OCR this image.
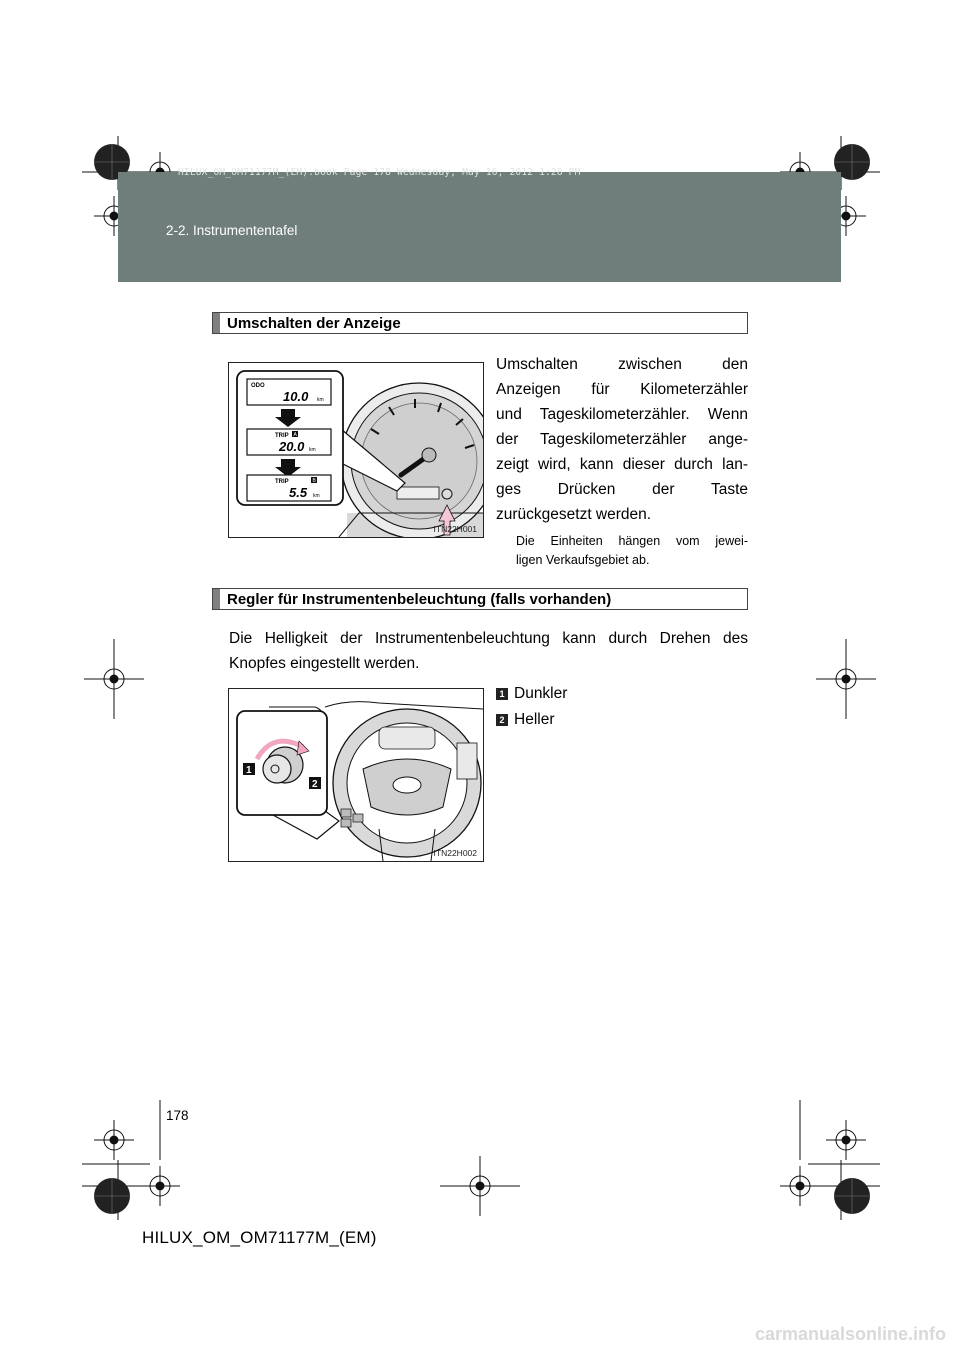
HILUX_OM_OM71177M_(EM).book Page 178 Wednesday, May 16, 2012 1:28 PM
2-2. Instrumententafel
Umschalten der Anzeige
ODO
10.0 km
TRIP A
20.0 km
TRIP	B
5.5 km
ITN22H001
Umschalten zwischen den
Anzeigen für Kilometerzähler
und Tageskilometerzähler. Wenn
der Tageskilometerzähler ange-
zeigt wird, kann dieser durch lan-
ges Drücken der Taste
zurückgesetzt werden.
Die Einheiten hängen vom jewei-
ligen Verkaufsgebiet ab.
Regler für Instrumentenbeleuchtung (falls vorhanden)
Die Helligkeit der Instrumentenbeleuchtung kann durch Drehen des
Knopfes eingestellt werden.
1
2
ITN22H002
1 Dunkler
2 Heller
178
HILUX_OM_OM71177M_(EM)
carmanualsonline.info
